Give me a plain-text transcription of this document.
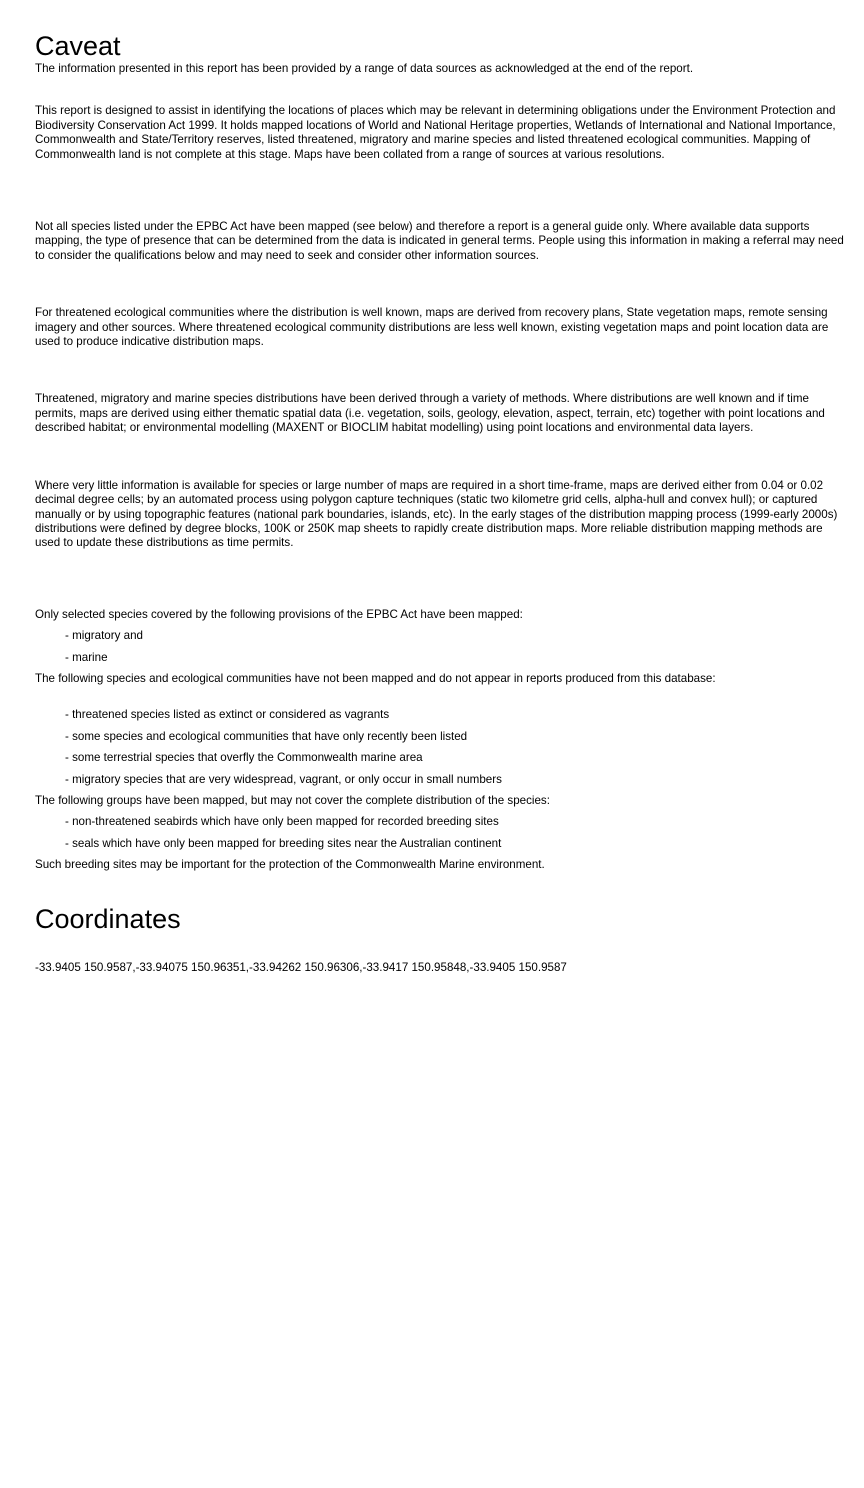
Caveat

The information presented in this report has been provided by a range of data sources as acknowledged at the end of the report.

This report is designed to assist in identifying the locations of places which may be relevant in determining obligations under the Environment Protection and Biodiversity Conservation Act 1999. It holds mapped locations of World and National Heritage properties, Wetlands of International and National Importance, Commonwealth and State/Territory reserves, listed threatened, migratory and marine species and listed threatened ecological communities. Mapping of Commonwealth land is not complete at this stage. Maps have been collated from a range of sources at various resolutions.

Not all species listed under the EPBC Act have been mapped (see below) and therefore a report is a general guide only. Where available data supports mapping, the type of presence that can be determined from the data is indicated in general terms. People using this information in making a referral may need to consider the qualifications below and may need to seek and consider other information sources.

For threatened ecological communities where the distribution is well known, maps are derived from recovery plans, State vegetation maps, remote sensing imagery and other sources. Where threatened ecological community distributions are less well known, existing vegetation maps and point location data are used to produce indicative distribution maps.

Threatened, migratory and marine species distributions have been derived through a variety of methods. Where distributions are well known and if time permits, maps are derived using either thematic spatial data (i.e. vegetation, soils, geology, elevation, aspect, terrain, etc) together with point locations and described habitat; or environmental modelling (MAXENT or BIOCLIM habitat modelling) using point locations and environmental data layers.

Where very little information is available for species or large number of maps are required in a short time-frame, maps are derived either from 0.04 or 0.02 decimal degree cells; by an automated process using polygon capture techniques (static two kilometre grid cells, alpha-hull and convex hull); or captured manually or by using topographic features (national park boundaries, islands, etc). In the early stages of the distribution mapping process (1999-early 2000s) distributions were defined by degree blocks, 100K or 250K map sheets to rapidly create distribution maps. More reliable distribution mapping methods are used to update these distributions as time permits.

Only selected species covered by the following provisions of the EPBC Act have been mapped:

- migratory and
- marine
The following species and ecological communities have not been mapped and do not appear in reports produced from this database:
- threatened species listed as extinct or considered as vagrants
- some species and ecological communities that have only recently been listed
- some terrestrial species that overfly the Commonwealth marine area
- migratory species that are very widespread, vagrant, or only occur in small numbers
The following groups have been mapped, but may not cover the complete distribution of the species:
- non-threatened seabirds which have only been mapped for recorded breeding sites
- seals which have only been mapped for breeding sites near the Australian continent
Such breeding sites may be important for the protection of the Commonwealth Marine environment.
Coordinates

-33.9405 150.9587,-33.94075 150.96351,-33.94262 150.96306,-33.9417 150.95848,-33.9405 150.9587
